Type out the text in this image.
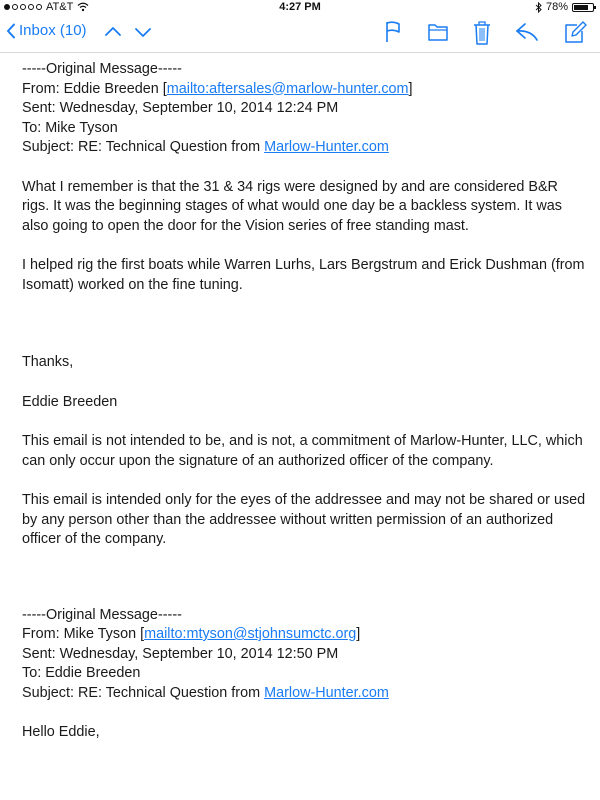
AT&T	4:27 PM	78%
Inbox (10)

-----Original Message-----

From: Eddie Breeden [mailto:aftersales@marlow-hunter.com]

Sent: Wednesday, September 10, 2014 12:24 PM

To: Mike Tyson

Subject: RE: Technical Question from Marlow-Hunter.com

What I remember is that the 31 & 34 rigs were designed by and are considered B&R rigs. It was the beginning stages of what would one day be a backless system. It was also going to open the door for the Vision series of free standing mast.

I helped rig the first boats while Warren Lurhs, Lars Bergstrum and Erick Dushman (from Isomatt) worked on the fine tuning.

Thanks,

Eddie Breeden

This email is not intended to be, and is not, a commitment of Marlow-Hunter, LLC, which can only occur upon the signature of an authorized officer of the company.

This email is intended only for the eyes of the addressee and may not be shared or used by any person other than the addressee without written permission of an authorized officer of the company.

-----Original Message-----

From: Mike Tyson [mailto:mtyson@stjohnsumctc.org]

Sent: Wednesday, September 10, 2014 12:50 PM

To: Eddie Breeden

Subject: RE: Technical Question from Marlow-Hunter.com

Hello Eddie,
